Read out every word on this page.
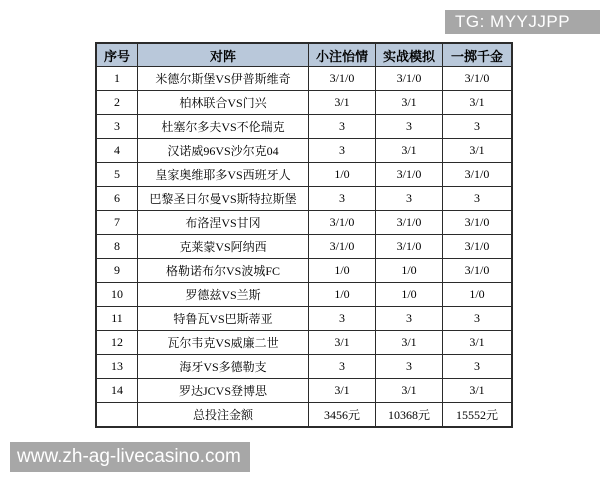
TG: MYYJJPP
序号	对阵	小注怡情	实战模拟	一掷千金
1	米德尔斯堡VS伊普斯维奇	3/1/0	3/1/0	3/1/0
2	柏林联合VS门兴	3/1	3/1	3/1
3	杜塞尔多夫VS不伦瑞克	3	3	3
4	汉诺威96VS沙尔克04	3	3/1	3/1
5	皇家奥维耶多VS西班牙人	1/0	3/1/0	3/1/0
6	巴黎圣日尔曼VS斯特拉斯堡	3	3	3
7	布洛涅VS甘冈	3/1/0	3/1/0	3/1/0
8	克莱蒙VS阿纳西	3/1/0	3/1/0	3/1/0
9	格勒诺布尔VS波城FC	1/0	1/0	3/1/0
10	罗德兹VS兰斯	1/0	1/0	1/0
11	特鲁瓦VS巴斯蒂亚	3	3	3
12	瓦尔韦克VS威廉二世	3/1	3/1	3/1
13	海牙VS多德勒支	3	3	3
14	罗达JCVS登博思	3/1	3/1	3/1
	总投注金额	3456元	10368元	15552元
www.zh-ag-livecasino.com
